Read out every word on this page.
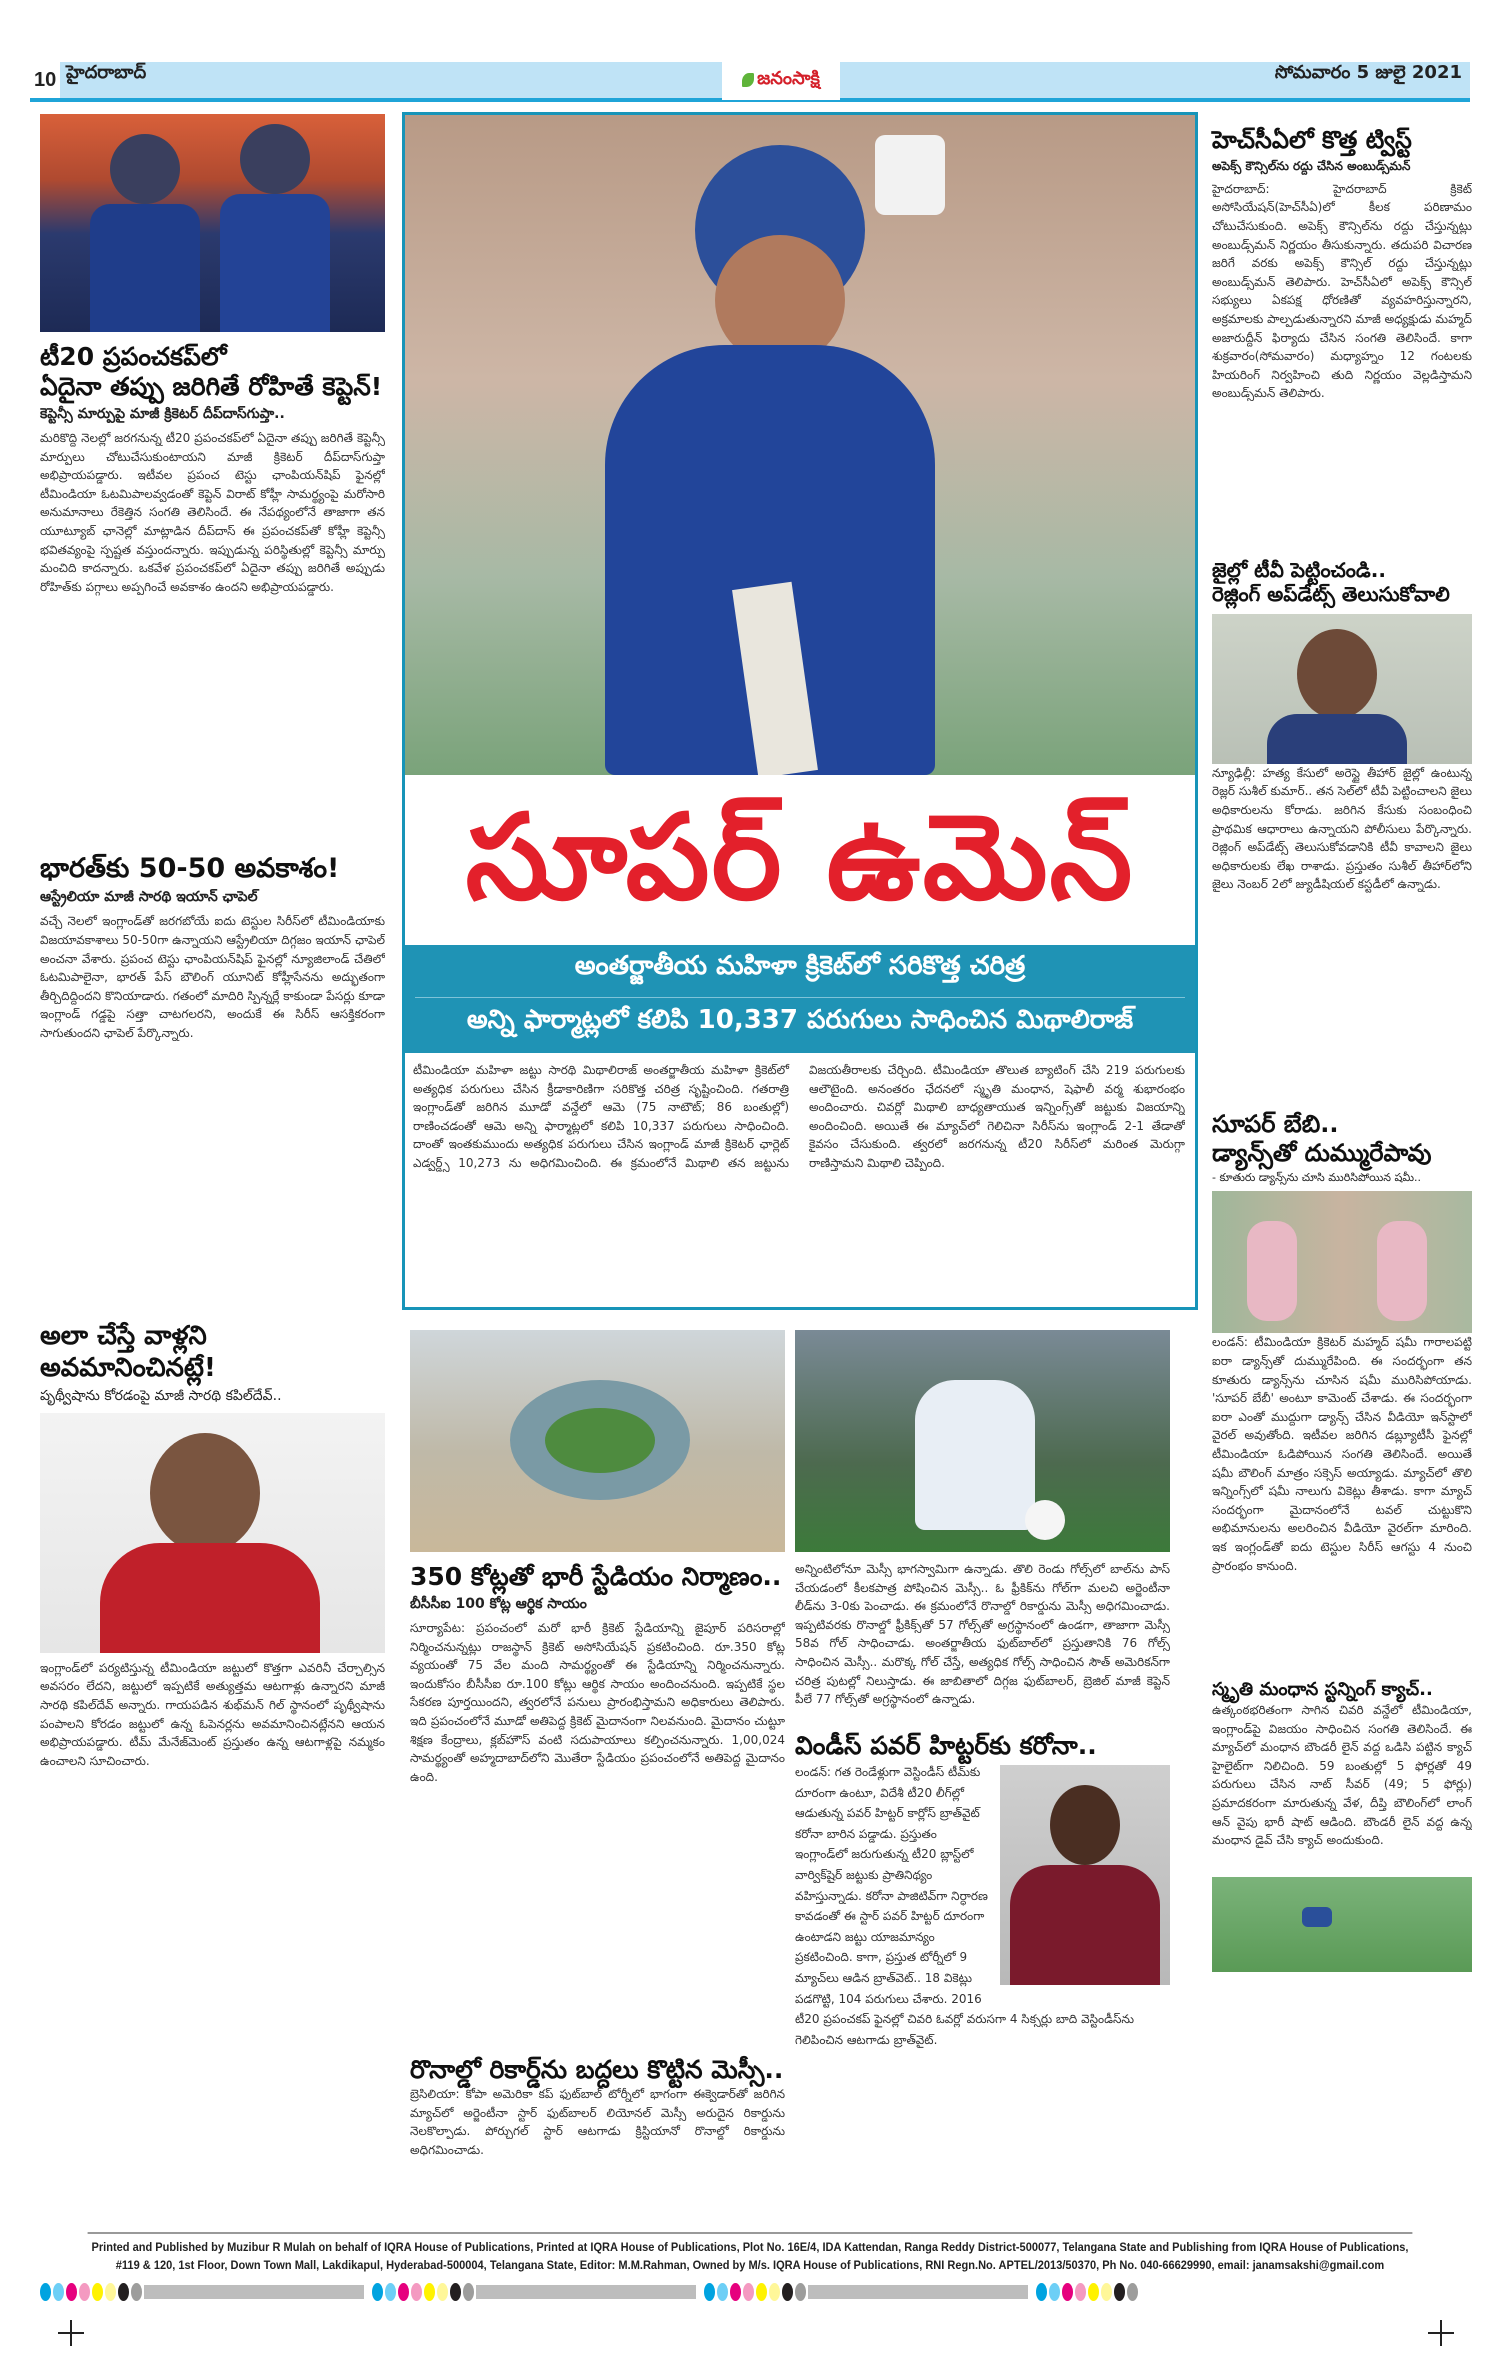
10 హైదరాబాద్	జనంసాక్షి	సోమవారం 5 జులై 2021
టీ20 ప్రపంచకప్‌లో
ఏదైనా తప్పు జరిగితే రోహితే కెప్టెన్!
కెప్టెన్సీ మార్పుపై మాజీ క్రికెటర్ దీప్‌దాస్‌గుప్తా..
మరికొద్ది నెలల్లో జరగనున్న టీ20 ప్రపంచకప్‌లో ఏదైనా తప్పు జరిగితే కెప్టెన్సీ మార్పులు చోటుచేసుకుంటాయని మాజీ క్రికెటర్ దీప్‌దాస్‌గుప్తా అభిప్రాయపడ్డారు. ఇటీవల ప్రపంచ టెస్టు ఛాంపియన్‌షిప్ ఫైనల్లో టీమిండియా ఓటమిపాలవ్వడంతో కెప్టెన్ విరాట్ కోహ్లీ సామర్థ్యంపై మరోసారి అనుమానాలు రేకెత్తిన సంగతి తెలిసిందే. ఈ నేపథ్యంలోనే తాజాగా తన యూట్యూబ్ ఛానెల్లో మాట్లాడిన దీప్‌దాస్ ఈ ప్రపంచకప్‌తో కోహ్లీ కెప్టెన్సీ భవితవ్యంపై స్పష్టత వస్తుందన్నారు. ఇప్పుడున్న పరిస్థితుల్లో కెప్టెన్సీ మార్పు మంచిది కాదన్నారు. ఒకవేళ ప్రపంచకప్‌లో ఏదైనా తప్పు జరిగితే అప్పుడు రోహిత్‌కు పగ్గాలు అప్పగించే అవకాశం ఉందని అభిప్రాయపడ్డారు.
భారత్‌కు 50-50 అవకాశం!
ఆస్ట్రేలియా మాజీ సారథి ఇయాన్ ఛాపెల్
వచ్చే నెలలో ఇంగ్లాండ్‌తో జరగబోయే ఐదు టెస్టుల సిరీస్‌లో టీమిండియాకు విజయావకాశాలు 50-50గా ఉన్నాయని ఆస్ట్రేలియా దిగ్గజం ఇయాన్ ఛాపెల్ అంచనా వేశారు. ప్రపంచ టెస్టు ఛాంపియన్‌షిప్ ఫైనల్లో న్యూజిలాండ్ చేతిలో ఓటమిపాలైనా, భారత్ పేస్ బౌలింగ్ యూనిట్ కోహ్లీసేనను అద్భుతంగా తీర్చిదిద్దిందని కొనియాడారు. గతంలో మాదిరి స్పిన్నర్లే కాకుండా పేసర్లు కూడా ఇంగ్లాండ్ గడ్డపై సత్తా చాటగలరని, అందుకే ఈ సిరీస్ ఆసక్తికరంగా సాగుతుందని ఛాపెల్ పేర్కొన్నారు.
అలా చేస్తే వాళ్లని అవమానించినట్లే!
పృథ్వీషాను కోరడంపై మాజీ సారథి కపిల్‌దేవ్..
ఇంగ్లాండ్‌లో పర్యటిస్తున్న టీమిండియా జట్టులో కొత్తగా ఎవరినీ చేర్చాల్సిన అవసరం లేదని, జట్టులో ఇప్పటికే అత్యుత్తమ ఆటగాళ్లు ఉన్నారని మాజీ సారథి కపిల్‌దేవ్ అన్నారు. గాయపడిన శుభ్‌మన్ గిల్ స్థానంలో పృథ్వీషాను పంపాలని కోరడం జట్టులో ఉన్న ఓపెనర్లను అవమానించినట్లేనని ఆయన అభిప్రాయపడ్డారు. టీమ్ మేనేజ్‌మెంట్ ప్రస్తుతం ఉన్న ఆటగాళ్లపై నమ్మకం ఉంచాలని సూచించారు.
సూపర్ ఉమెన్
అంతర్జాతీయ మహిళా క్రికెట్‌లో సరికొత్త చరిత్ర
అన్ని ఫార్మాట్లలో కలిపి 10,337 పరుగులు సాధించిన మిథాలిరాజ్
టీమిండియా మహిళా జట్టు సారథి మిథాలిరాజ్ అంతర్జాతీయ మహిళా క్రికెట్‌లో అత్యధిక పరుగులు చేసిన క్రీడాకారిణిగా సరికొత్త చరిత్ర సృష్టించింది. గతరాత్రి ఇంగ్లాండ్‌తో జరిగిన మూడో వన్డేలో ఆమె (75 నాటౌట్; 86 బంతుల్లో) రాణించడంతో ఆమె అన్ని ఫార్మాట్లలో కలిపి 10,337 పరుగులు సాధించింది. దాంతో ఇంతకుముందు అత్యధిక పరుగులు చేసిన ఇంగ్లాండ్ మాజీ క్రికెటర్ ఛార్లెట్ ఎడ్వర్డ్స్ 10,273 ను అధిగమించింది. ఈ క్రమంలోనే మిథాలి తన జట్టును విజయతీరాలకు చేర్చింది. టీమిండియా తొలుత బ్యాటింగ్ చేసి 219 పరుగులకు ఆలౌటైంది. అనంతరం ఛేదనలో స్మృతి మంధాన, షెఫాలీ వర్మ శుభారంభం అందించారు. చివర్లో మిథాలి బాధ్యతాయుత ఇన్నింగ్స్‌తో జట్టుకు విజయాన్ని అందించింది. అయితే ఈ మ్యాచ్‌లో గెలిచినా సిరీస్‌ను ఇంగ్లాండ్ 2-1 తేడాతో కైవసం చేసుకుంది. త్వరలో జరగనున్న టీ20 సిరీస్‌లో మరింత మెరుగ్గా రాణిస్తామని మిథాలి చెప్పింది.
350 కోట్లతో భారీ స్టేడియం నిర్మాణం..
బీసీసీఐ 100 కోట్ల ఆర్థిక సాయం
సూర్యాపేట: ప్రపంచంలో మరో భారీ క్రికెట్ స్టేడియాన్ని జైపూర్ పరిసరాల్లో నిర్మించనున్నట్లు రాజస్థాన్ క్రికెట్ అసోసియేషన్ ప్రకటించింది. రూ.350 కోట్ల వ్యయంతో 75 వేల మంది సామర్థ్యంతో ఈ స్టేడియాన్ని నిర్మించనున్నారు. ఇందుకోసం బీసీసీఐ రూ.100 కోట్లు ఆర్థిక సాయం అందించనుంది. ఇప్పటికే స్థల సేకరణ పూర్తయిందని, త్వరలోనే పనులు ప్రారంభిస్తామని అధికారులు తెలిపారు. ఇది ప్రపంచంలోనే మూడో అతిపెద్ద క్రికెట్ మైదానంగా నిలవనుంది. మైదానం చుట్టూ శిక్షణ కేంద్రాలు, క్లబ్‌హౌస్ వంటి సదుపాయాలు కల్పించనున్నారు. 1,00,024 సామర్థ్యంతో అహ్మదాబాద్‌లోని మొతేరా స్టేడియం ప్రపంచంలోనే అతిపెద్ద మైదానం ఉంది.
రొనాల్డో రికార్డ్‌ను బద్దలు కొట్టిన మెస్సీ..
బ్రెసిలియా: కోపా అమెరికా కప్ ఫుట్‌బాల్ టోర్నీలో భాగంగా ఈక్వెడార్‌తో జరిగిన మ్యాచ్‌లో అర్జెంటీనా స్టార్ ఫుట్‌బాలర్ లియోనల్ మెస్సీ అరుదైన రికార్డును నెలకొల్పాడు. పోర్చుగల్ స్టార్ ఆటగాడు క్రిస్టియానో రొనాల్డో రికార్డును అధిగమించాడు.
అన్నింటిలోనూ మెస్సీ భాగస్వామిగా ఉన్నాడు. తొలి రెండు గోల్స్‌లో బాల్‌ను పాస్ చేయడంలో కీలకపాత్ర పోషించిన మెస్సీ.. ఓ ఫ్రీకిక్‌ను గోల్‌గా మలచి అర్జెంటీనా లీడ్‌ను 3-0కు పెంచాడు. ఈ క్రమంలోనే రొనాల్డో రికార్డును మెస్సీ అధిగమించాడు. ఇప్పటివరకు రొనాల్డో ఫ్రీకిక్స్‌తో 57 గోల్స్‌తో అగ్రస్థానంలో ఉండగా, తాజాగా మెస్సీ 58వ గోల్ సాధించాడు. అంతర్జాతీయ ఫుట్‌బాల్‌లో ప్రస్తుతానికి 76 గోల్స్ సాధించిన మెస్సీ.. మరొక్క గోల్ చేస్తే, అత్యధిక గోల్స్ సాధించిన సౌత్ అమెరికన్‌గా చరిత్ర పుటల్లో నిలుస్తాడు. ఈ జాబితాలో దిగ్గజ ఫుట్‌బాలర్, బ్రెజిల్ మాజీ కెప్టెన్ పీలే 77 గోల్స్‌తో అగ్రస్థానంలో ఉన్నాడు.
విండీస్ పవర్ హిట్టర్‌కు కరోనా..
లండన్: గత రెండేళ్లుగా వెస్టిండీస్ టీమ్‌కు దూరంగా ఉంటూ, విదేశీ టీ20 లీగ్‌ల్లో ఆడుతున్న పవర్ హిట్టర్ కార్లోస్ బ్రాత్‌వైట్ కరోనా బారిన పడ్డాడు. ప్రస్తుతం ఇంగ్లాండ్‌లో జరుగుతున్న టీ20 బ్లాస్ట్‌లో వార్విక్‌షైర్ జట్టుకు ప్రాతినిథ్యం వహిస్తున్నాడు. కరోనా పాజిటివ్‌గా నిర్ధారణ కావడంతో ఈ స్టార్ పవర్ హిట్టర్ దూరంగా ఉంటాడని జట్టు యాజమాన్యం ప్రకటించింది. కాగా, ప్రస్తుత టోర్నీలో 9 మ్యాచ్‌లు ఆడిన బ్రాత్‌వెట్.. 18 వికెట్లు పడగొట్టి, 104 పరుగులు చేశారు. 2016 టీ20 ప్రపంచకప్ ఫైనల్లో చివరి ఓవర్లో వరుసగా 4 సిక్సర్లు బాది వెస్టిండీస్‌ను గెలిపించిన ఆటగాడు బ్రాత్‌వైట్.
హెచ్‌సీఏలో కొత్త ట్విస్ట్
అపెక్స్ కౌన్సిల్‌ను రద్దు చేసిన అంబుడ్స్‌మన్
హైదరాబాద్: హైదరాబాద్ క్రికెట్ అసోసియేషన్(హెచ్‌సీఏ)లో కీలక పరిణామం చోటుచేసుకుంది. అపెక్స్ కౌన్సిల్‌ను రద్దు చేస్తున్నట్లు అంబుడ్స్‌మన్ నిర్ణయం తీసుకున్నారు. తదుపరి విచారణ జరిగే వరకు అపెక్స్ కౌన్సిల్ రద్దు చేస్తున్నట్లు అంబుడ్స్‌మన్ తెలిపారు. హెచ్‌సీఏలో అపెక్స్ కౌన్సిల్ సభ్యులు ఏకపక్ష ధోరణితో వ్యవహరిస్తున్నారని, అక్రమాలకు పాల్పడుతున్నారని మాజీ అధ్యక్షుడు మహ్మద్ అజారుద్దీన్ ఫిర్యాదు చేసిన సంగతి తెలిసిందే. కాగా శుక్రవారం(సోమవారం) మధ్యాహ్నం 12 గంటలకు హియరింగ్ నిర్వహించి తుది నిర్ణయం వెల్లడిస్తామని అంబుడ్స్‌మన్ తెలిపారు.
జైల్లో టీవీ పెట్టించండి..
రెజ్లింగ్ అప్‌డేట్స్ తెలుసుకోవాలి
న్యూఢిల్లీ: హత్య కేసులో అరెస్టై తీహార్ జైల్లో ఉంటున్న రెజ్లర్ సుశీల్ కుమార్.. తన సెల్‌లో టీవీ పెట్టించాలని జైలు అధికారులను కోరాడు. జరిగిన కేసుకు సంబంధించి ప్రాథమిక ఆధారాలు ఉన్నాయని పోలీసులు పేర్కొన్నారు. రెజ్లింగ్ అప్‌డేట్స్ తెలుసుకోవడానికి టీవీ కావాలని జైలు అధికారులకు లేఖ రాశాడు. ప్రస్తుతం సుశీల్ తీహార్‌లోని జైలు నెంబర్ 2లో జ్యుడీషియల్ కస్టడీలో ఉన్నాడు.
సూపర్ బేబి..
డ్యాన్స్‌తో దుమ్మురేపావు
- కూతురు డ్యాన్స్‌ను చూసి మురిసిపోయిన షమీ..
లండన్: టీమిండియా క్రికెటర్ మహ్మద్ షమీ గారాలపట్టి ఐరా డ్యాన్స్‌తో దుమ్మురేపింది. ఈ సందర్భంగా తన కూతురు డ్యాన్స్‌ను చూసిన షమీ మురిసిపోయాడు. 'సూపర్ బేబీ' అంటూ కామెంట్ చేశాడు. ఈ సందర్భంగా ఐరా ఎంతో ముద్దుగా డ్యాన్స్ చేసిన వీడియో ఇన్‌స్టాలో వైరల్ అవుతోంది. ఇటీవల జరిగిన డబ్ల్యూటీసీ ఫైనల్లో టీమిండియా ఓడిపోయిన సంగతి తెలిసిందే. అయితే షమీ బౌలింగ్ మాత్రం సక్సెస్ అయ్యాడు. మ్యాచ్‌లో తొలి ఇన్నింగ్స్‌లో షమీ నాలుగు వికెట్లు తీశాడు. కాగా మ్యాచ్ సందర్భంగా మైదానంలోనే టవల్ చుట్టుకొని అభిమానులను అలరించిన వీడియో వైరల్‌గా మారింది. ఇక ఇంగ్లండ్‌తో ఐదు టెస్టుల సిరీస్ ఆగస్టు 4 నుంచి ప్రారంభం కానుంది.
స్మృతి మంధాన స్టన్నింగ్ క్యాచ్..
ఉత్కంఠభరితంగా సాగిన చివరి వన్డేలో టీమిండియా, ఇంగ్లాండ్‌పై విజయం సాధించిన సంగతి తెలిసిందే. ఈ మ్యాచ్‌లో మంధాన బౌండరీ లైన్ వద్ద ఒడిసి పట్టిన క్యాచ్ హైలైట్‌గా నిలిచింది. 59 బంతుల్లో 5 ఫోర్లతో 49 పరుగులు చేసిన నాట్ సీవర్ (49; 5 ఫోర్లు) ప్రమాదకరంగా మారుతున్న వేళ, దీప్తి బౌలింగ్‌లో లాంగ్ ఆన్ వైపు భారీ షాట్ ఆడింది. బౌండరీ లైన్ వద్ద ఉన్న మంధాన డైవ్ చేసి క్యాచ్ అందుకుంది.
Printed and Published by Muzibur R Mulah on behalf of IQRA House of Publications, Printed at IQRA House of Publications, Plot No. 16E/4, IDA Kattendan, Ranga Reddy District-500077, Telangana State and Publishing from IQRA House of Publications,
#119 & 120, 1st Floor, Down Town Mall, Lakdikapul, Hyderabad-500004, Telangana State, Editor: M.M.Rahman, Owned by M/s. IQRA House of Publications, RNI Regn.No. APTEL/2013/50370, Ph No. 040-66629990, email: janamsakshi@gmail.com
